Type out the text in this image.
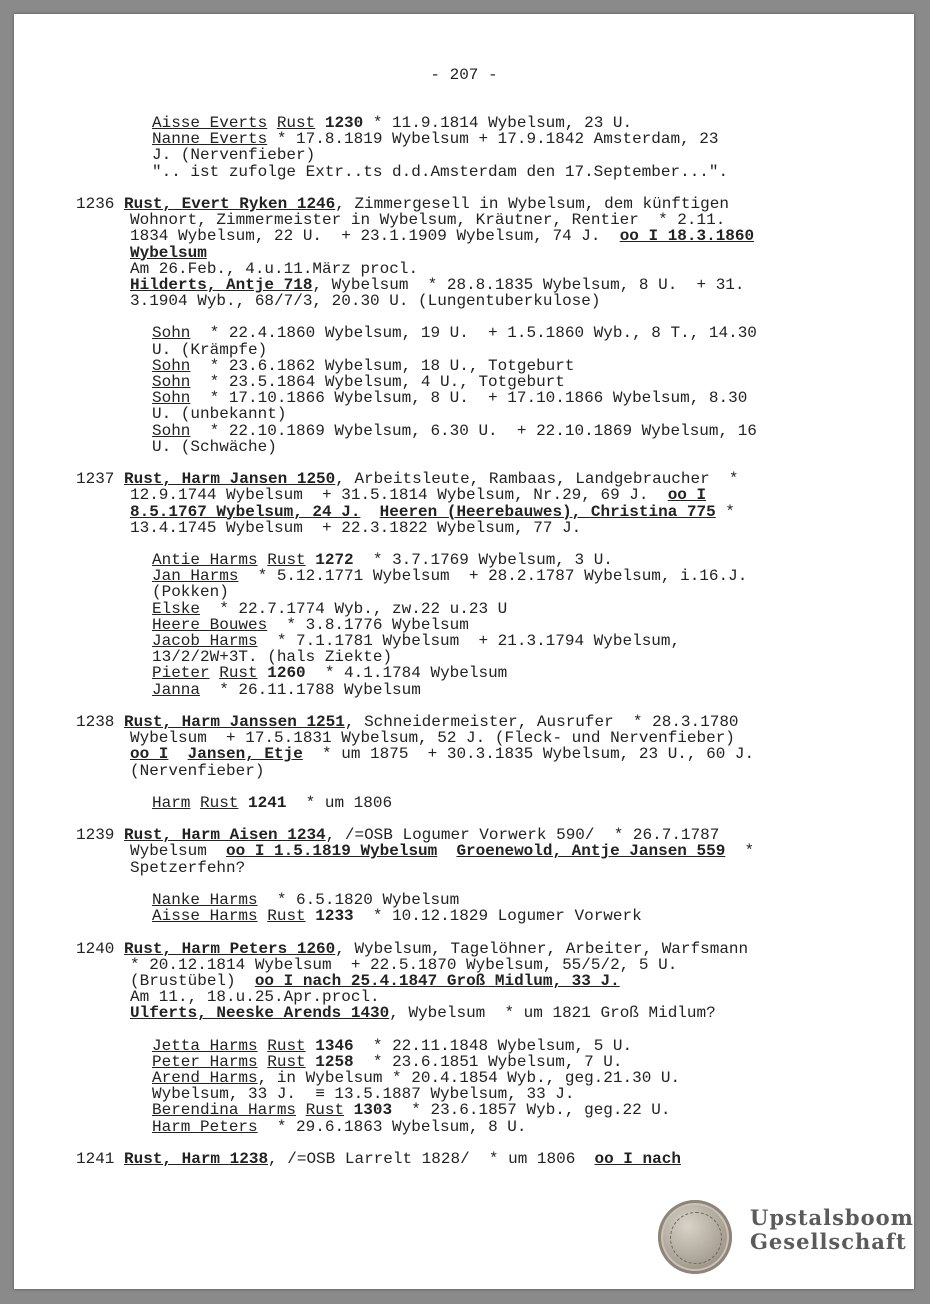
- 207 -
Aisse Everts Rust 1230 * 11.9.1814 Wybelsum, 23 U.
Nanne Everts * 17.8.1819 Wybelsum + 17.9.1842 Amsterdam, 23
J. (Nervenfieber)
".. ist zufolge Extr..ts d.d.Amsterdam den 17.September...".
1236 Rust, Evert Ryken 1246, Zimmergesell in Wybelsum, dem künftigen
Wohnort, Zimmermeister in Wybelsum, Kräutner, Rentier  * 2.11.
1834 Wybelsum, 22 U.  + 23.1.1909 Wybelsum, 74 J.  oo I 18.3.1860
Wybelsum
Am 26.Feb., 4.u.11.März procl.
Hilderts, Antje 718, Wybelsum  * 28.8.1835 Wybelsum, 8 U.  + 31.
3.1904 Wyb., 68/7/3, 20.30 U. (Lungentuberkulose)
Sohn  * 22.4.1860 Wybelsum, 19 U.  + 1.5.1860 Wyb., 8 T., 14.30
U. (Krämpfe)
Sohn  * 23.6.1862 Wybelsum, 18 U., Totgeburt
Sohn  * 23.5.1864 Wybelsum, 4 U., Totgeburt
Sohn  * 17.10.1866 Wybelsum, 8 U.  + 17.10.1866 Wybelsum, 8.30
U. (unbekannt)
Sohn  * 22.10.1869 Wybelsum, 6.30 U.  + 22.10.1869 Wybelsum, 16
U. (Schwäche)
1237 Rust, Harm Jansen 1250, Arbeitsleute, Rambaas, Landgebraucher  *
12.9.1744 Wybelsum  + 31.5.1814 Wybelsum, Nr.29, 69 J.  oo I
8.5.1767 Wybelsum, 24 J. Heeren (Heerebauwes), Christina 775 *
13.4.1745 Wybelsum  + 22.3.1822 Wybelsum, 77 J.
Antie Harms Rust 1272  * 3.7.1769 Wybelsum, 3 U.
Jan Harms  * 5.12.1771 Wybelsum  + 28.2.1787 Wybelsum, i.16.J.
(Pokken)
Elske  * 22.7.1774 Wyb., zw.22 u.23 U
Heere Bouwes  * 3.8.1776 Wybelsum
Jacob Harms  * 7.1.1781 Wybelsum  + 21.3.1794 Wybelsum,
13/2/2W+3T. (hals Ziekte)
Pieter Rust 1260  * 4.1.1784 Wybelsum
Janna  * 26.11.1788 Wybelsum
1238 Rust, Harm Janssen 1251, Schneidermeister, Ausrufer  * 28.3.1780
Wybelsum  + 17.5.1831 Wybelsum, 52 J. (Fleck- und Nervenfieber)
oo I Jansen, Etje  * um 1875  + 30.3.1835 Wybelsum, 23 U., 60 J.
(Nervenfieber)
Harm Rust 1241  * um 1806
1239 Rust, Harm Aisen 1234, /=OSB Logumer Vorwerk 590/  * 26.7.1787
Wybelsum  oo I 1.5.1819 Wybelsum Groenewold, Antje Jansen 559  *
Spetzerfehn?
Nanke Harms  * 6.5.1820 Wybelsum
Aisse Harms Rust 1233  * 10.12.1829 Logumer Vorwerk
1240 Rust, Harm Peters 1260, Wybelsum, Tagelöhner, Arbeiter, Warfsmann
* 20.12.1814 Wybelsum  + 22.5.1870 Wybelsum, 55/5/2, 5 U.
(Brustübel)  oo I nach 25.4.1847 Groß Midlum, 33 J.
Am 11., 18.u.25.Apr.procl.
Ulferts, Neeske Arends 1430, Wybelsum  * um 1821 Groß Midlum?
Jetta Harms Rust 1346  * 22.11.1848 Wybelsum, 5 U.
Peter Harms Rust 1258  * 23.6.1851 Wybelsum, 7 U.
Arend Harms, in Wybelsum * 20.4.1854 Wyb., geg.21.30 U.
Wybelsum, 33 J.  ≡ 13.5.1887 Wybelsum, 33 J.
Berendina Harms Rust 1303  * 23.6.1857 Wyb., geg.22 U.
Harm Peters  * 29.6.1863 Wybelsum, 8 U.
1241 Rust, Harm 1238, /=OSB Larrelt 1828/  * um 1806  oo I nach
Upstalsboom
Gesellschaft
